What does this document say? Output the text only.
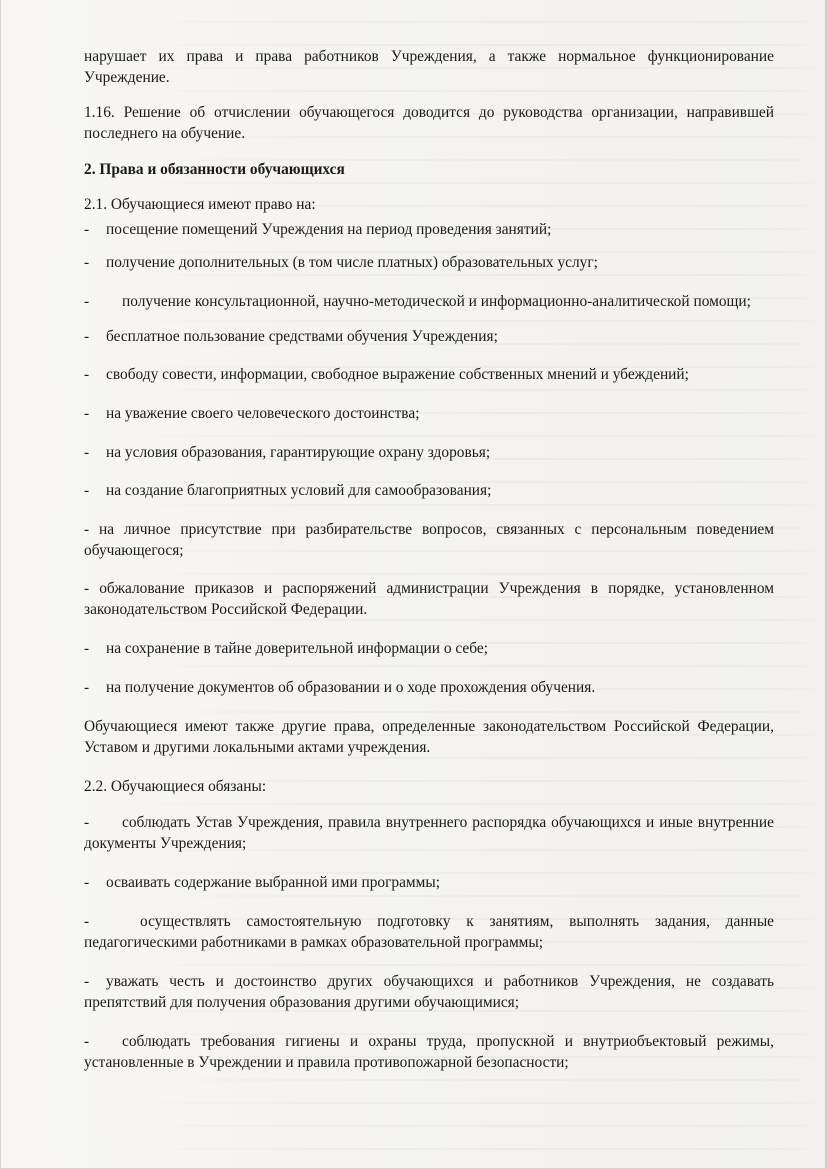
нарушает их права и права работников Учреждения, а также нормальное функционирование Учреждение.

1.16. Решение об отчислении обучающегося доводится до руководства организации, направившей последнего на обучение.

2. Права и обязанности обучающихся

2.1. Обучающиеся имеют право на:

- посещение помещений Учреждения на период проведения занятий;

- получение дополнительных (в том числе платных) образовательных услуг;

- получение консультационной, научно-методической и информационно-аналитической помощи;

- бесплатное пользование средствами обучения Учреждения;

- свободу совести, информации, свободное выражение собственных мнений и убеждений;

- на уважение своего человеческого достоинства;

- на условия образования, гарантирующие охрану здоровья;

- на создание благоприятных условий для самообразования;

- на личное присутствие при разбирательстве вопросов, связанных с персональным поведением обучающегося;

- обжалование приказов и распоряжений администрации Учреждения в порядке, установленном законодательством Российской Федерации.

- на сохранение в тайне доверительной информации о себе;

- на получение документов об образовании и о ходе прохождения обучения.

Обучающиеся имеют также другие права, определенные законодательством Российской Федерации, Уставом и другими локальными актами учреждения.

2.2. Обучающиеся обязаны:

- соблюдать Устав Учреждения, правила внутреннего распорядка обучающихся и иные внутренние документы Учреждения;

- осваивать содержание выбранной ими программы;

-	осуществлять самостоятельную подготовку к занятиям, выполнять задания, данные педагогическими работниками в рамках образовательной программы;

- уважать честь и достоинство других обучающихся и работников Учреждения, не создавать препятствий для получения образования другими обучающимися;

- соблюдать требования гигиены и охраны труда, пропускной и внутриобъектовый режимы, установленные в Учреждении и правила противопожарной безопасности;
